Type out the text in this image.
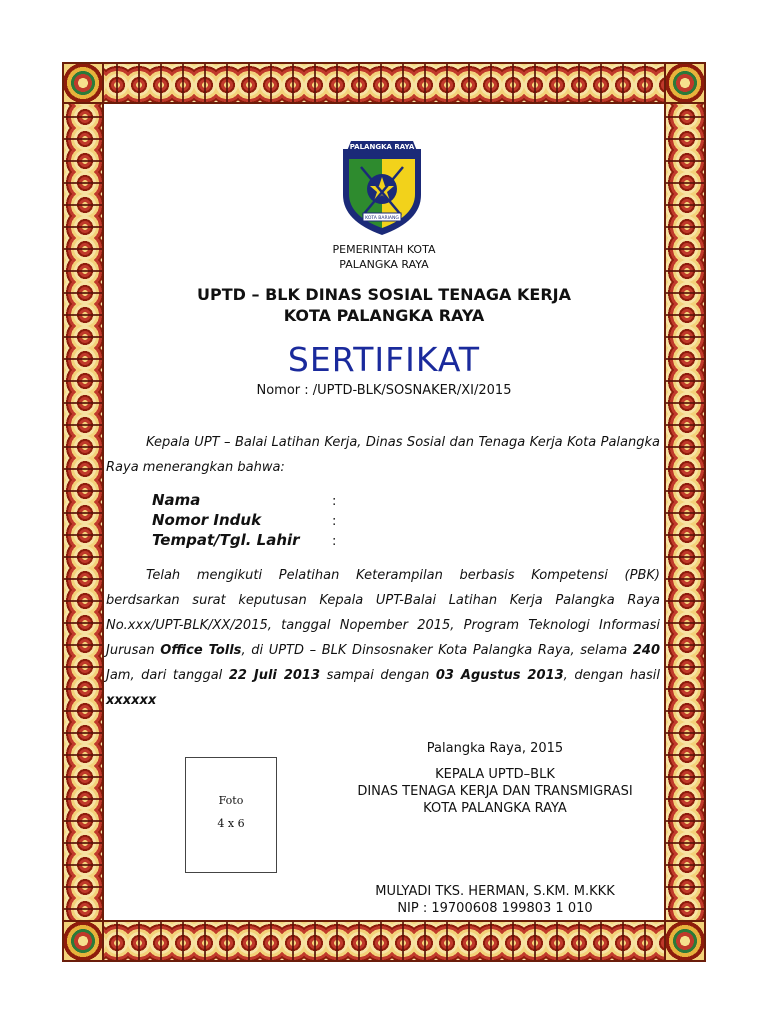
PALANGKA RAYA
KOTA BARIANG
PEMERINTAH KOTA
PALANGKA RAYA
UPTD – BLK DINAS SOSIAL TENAGA KERJA
KOTA PALANGKA RAYA
SERTIFIKAT
Nomor : /UPTD-BLK/SOSNAKER/XI/2015
Kepala UPT – Balai Latihan Kerja, Dinas Sosial dan Tenaga Kerja Kota Palangka Raya menerangkan bahwa:
Nama	:
Nomor Induk	:
Tempat/Tgl. Lahir :
Telah mengikuti Pelatihan Keterampilan berbasis Kompetensi (PBK) berdsarkan surat keputusan Kepala UPT-Balai Latihan Kerja Palangka Raya No.xxx/UPT-BLK/XX/2015, tanggal Nopember 2015, Program Teknologi Informasi Jurusan Office Tolls, di UPTD – BLK Dinsosnaker Kota Palangka Raya, selama 240 Jam, dari tanggal 22 Juli 2013 sampai dengan 03 Agustus 2013, dengan hasil xxxxxx
Foto
4 x 6
Palangka Raya, 2015
KEPALA UPTD–BLK
DINAS TENAGA KERJA DAN TRANSMIGRASI
KOTA PALANGKA RAYA
MULYADI TKS. HERMAN, S.KM. M.KKK
NIP : 19700608 199803 1 010
